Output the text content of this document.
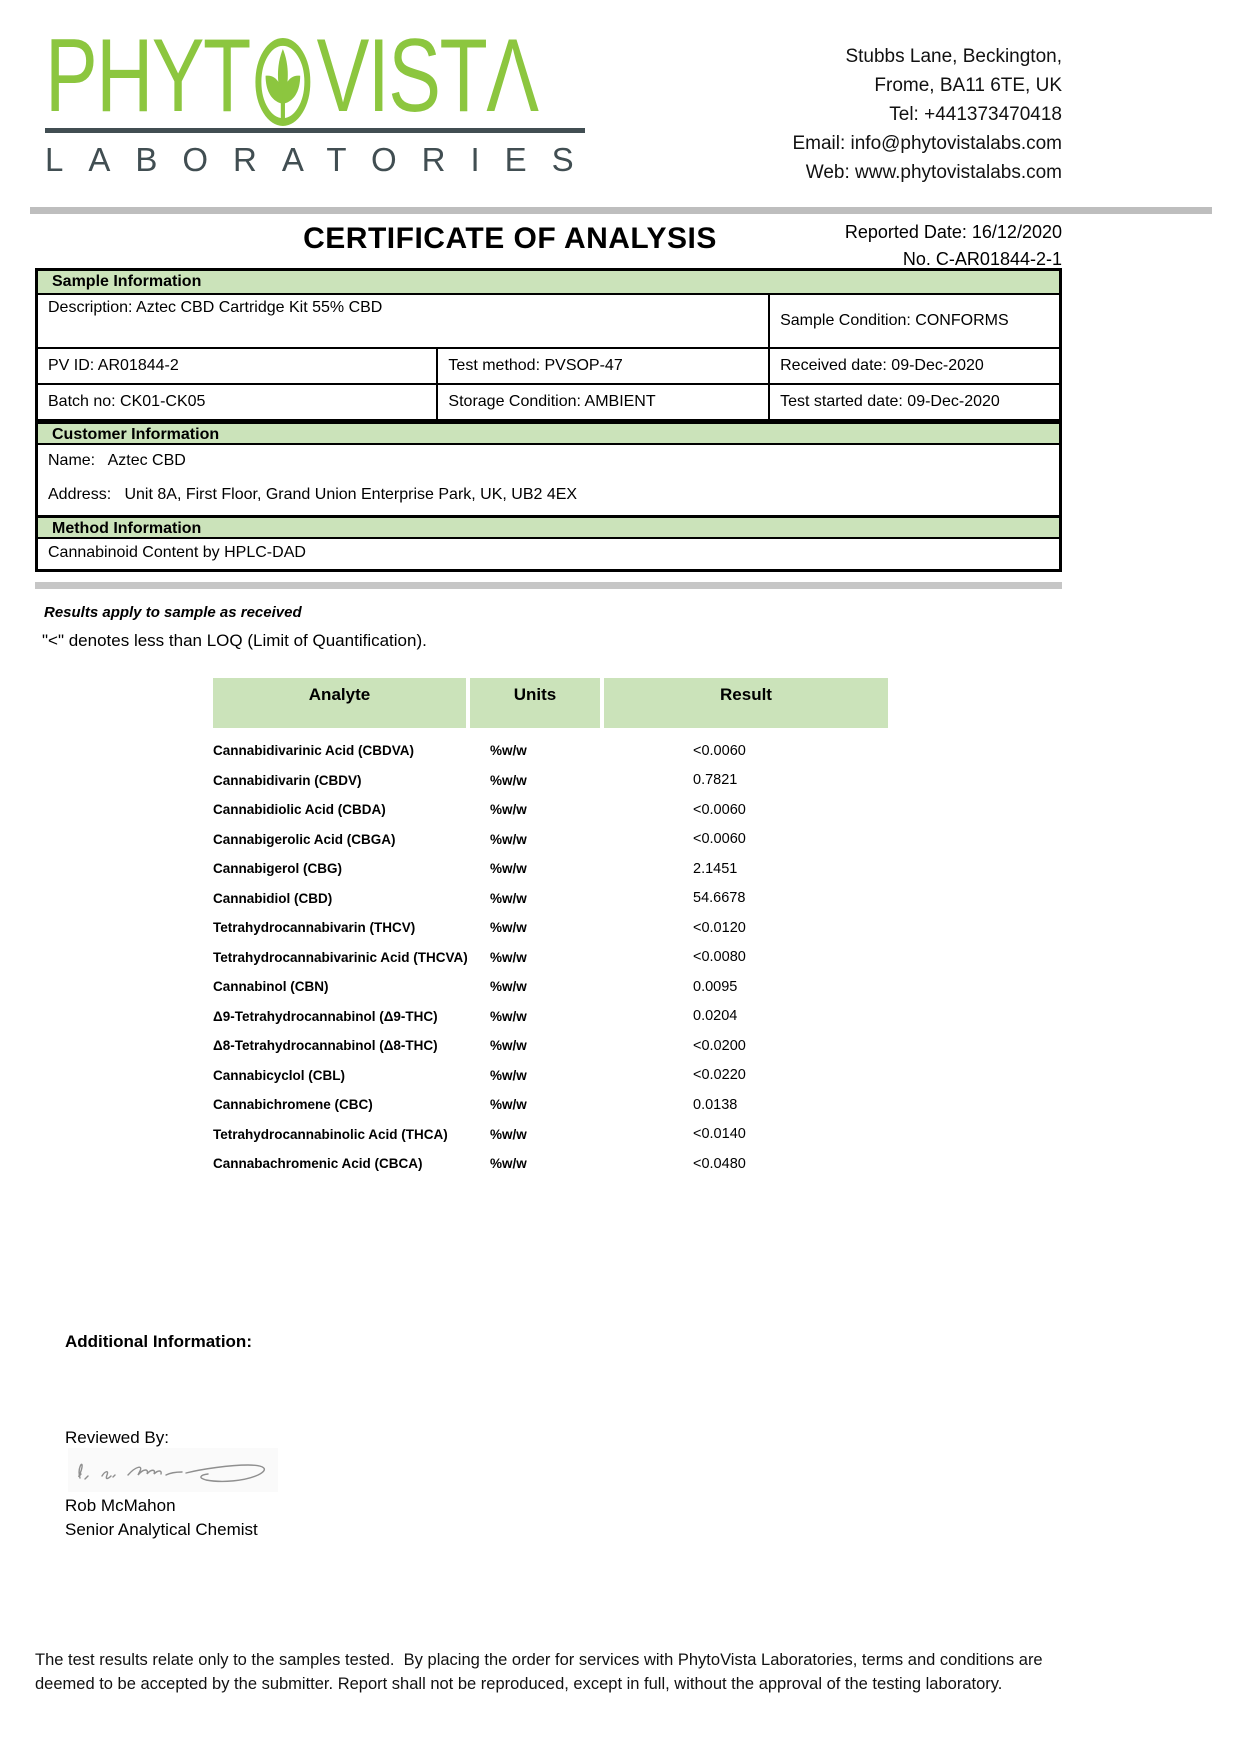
PHYT VIST Λ
LABORATORIES
Stubbs Lane, Beckington,
Frome, BA11 6TE, UK
Tel: +441373470418
Email: info@phytovistalabs.com
Web: www.phytovistalabs.com
CERTIFICATE OF ANALYSIS	Reported Date: 16/12/2020
No. C-AR01844-2-1
Sample Information
Description: Aztec CBD Cartridge Kit 55% CBD
Sample Condition: CONFORMS
PV ID: AR01844-2	Test method: PVSOP-47	Received date: 09-Dec-2020
Batch no: CK01-CK05	Storage Condition: AMBIENT	Test started date: 09-Dec-2020
Customer Information
Name:   Aztec CBD
Address:   Unit 8A, First Floor, Grand Union Enterprise Park, UK, UB2 4EX
Method Information
Cannabinoid Content by HPLC-DAD
Results apply to sample as received
"<" denotes less than LOQ (Limit of Quantification).
Analyte	Units	Result
Cannabidivarinic Acid (CBDVA)	%w/w	<0.0060
Cannabidivarin (CBDV)	%w/w	0.7821
Cannabidiolic Acid (CBDA)	%w/w	<0.0060
Cannabigerolic Acid (CBGA)	%w/w	<0.0060
Cannabigerol (CBG)	%w/w	2.1451
Cannabidiol (CBD)	%w/w	54.6678
Tetrahydrocannabivarin (THCV)	%w/w	<0.0120
Tetrahydrocannabivarinic Acid (THCVA)	%w/w	<0.0080
Cannabinol (CBN)	%w/w	0.0095
Δ9-Tetrahydrocannabinol (Δ9-THC)	%w/w	0.0204
Δ8-Tetrahydrocannabinol (Δ8-THC)	%w/w	<0.0200
Cannabicyclol (CBL)	%w/w	<0.0220
Cannabichromene (CBC)	%w/w	0.0138
Tetrahydrocannabinolic Acid (THCA)	%w/w	<0.0140
Cannabachromenic Acid (CBCA)	%w/w	<0.0480
Additional Information:
Reviewed By:
Rob McMahon
Senior Analytical Chemist
The test results relate only to the samples tested.  By placing the order for services with PhytoVista Laboratories, terms and conditions are
deemed to be accepted by the submitter. Report shall not be reproduced, except in full, without the approval of the testing laboratory.
